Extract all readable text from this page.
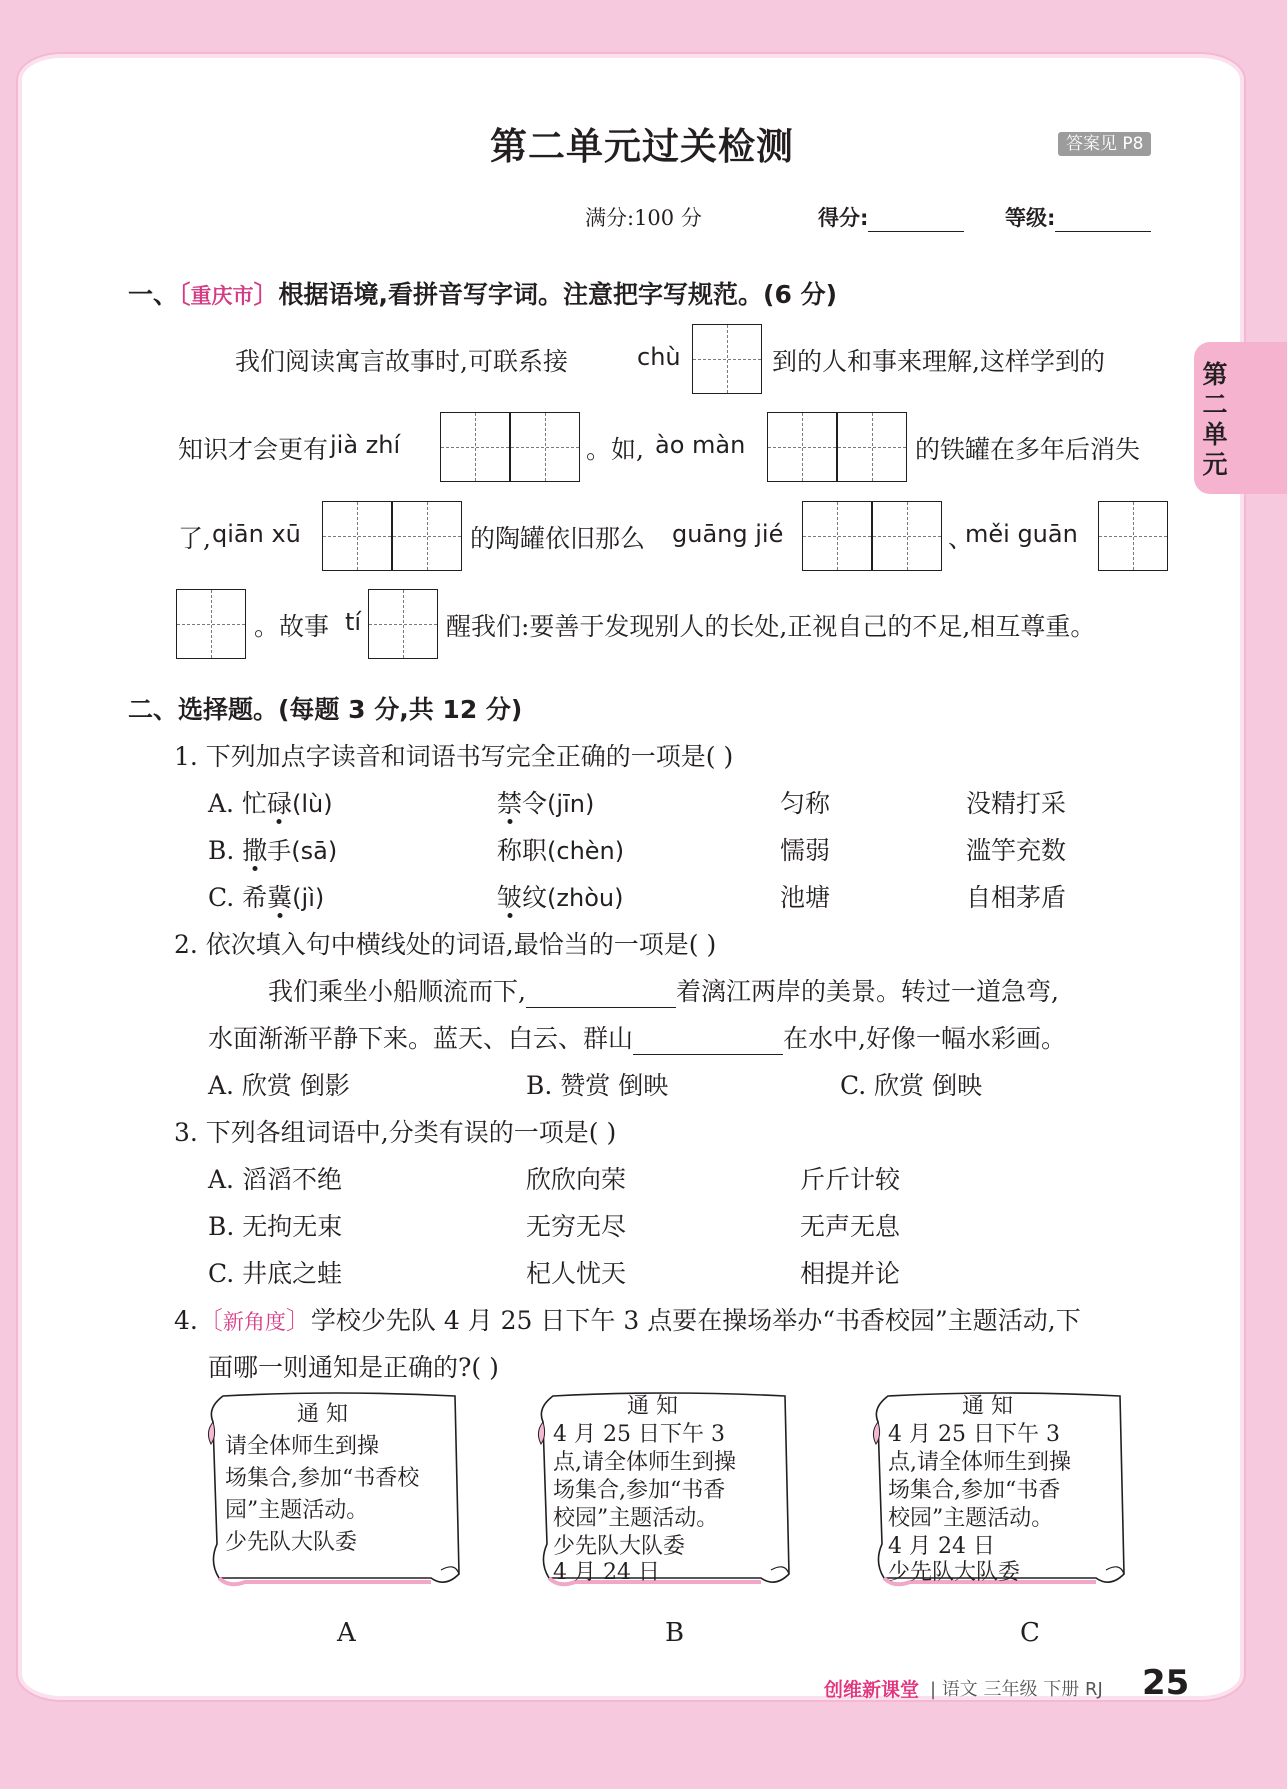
第二单元过关检测	答案见 P8
满分:100 分	得分:	等级:
第二单元
一、〔重庆市〕根据语境,看拼音写字词。注意把字写规范。(6 分)
我们阅读寓言故事时,可联系接	chù	到的人和事来理解,这样学到的
知识才会更有 jià zhí	。如, ào màn	的铁罐在多年后消失
了, qiān xū	的陶罐依旧那么 guāng jié	、
měi guān
。故事 tí	醒我们:要善于发现别人的长处,正视自己的不足,相互尊重。
二、选择题。(每题 3 分,共 12 分)
1. 下列加点字读音和词语书写完全正确的一项是( )
A. 忙碌(lù)	禁令(jīn)	匀称	没精打采
B. 撒手(sā)	称职(chèn)	懦弱	滥竽充数
C. 希冀(jì)	皱纹(zhòu)	池塘	自相茅盾
2. 依次填入句中横线处的词语,最恰当的一项是( )
我们乘坐小船顺流而下,	着漓江两岸的美景。转过一道急弯,
水面渐渐平静下来。蓝天、白云、群山	在水中,好像一幅水彩画。
A. 欣赏 倒影	B. 赞赏 倒映	C. 欣赏 倒映
3. 下列各组词语中,分类有误的一项是( )
A. 滔滔不绝	欣欣向荣	斤斤计较
B. 无拘无束	无穷无尽	无声无息
C. 井底之蛙	杞人忧天	相提并论
4.〔新角度〕学校少先队 4 月 25 日下午 3 点要在操场举办“书香校园”主题活动,下
面哪一则通知是正确的?( )
通 知
请全体师生到操
场集合,参加“书香校
园”主题活动。
少先队大队委
A
通 知
4 月 25 日下午 3
点,请全体师生到操
场集合,参加“书香
校园”主题活动。
少先队大队委
4 月 24 日
B
通 知
4 月 25 日下午 3
点,请全体师生到操
场集合,参加“书香
校园”主题活动。
4 月 24 日
少先队大队委
C
创维新课堂 | 语文 三年级 下册 RJ 25
